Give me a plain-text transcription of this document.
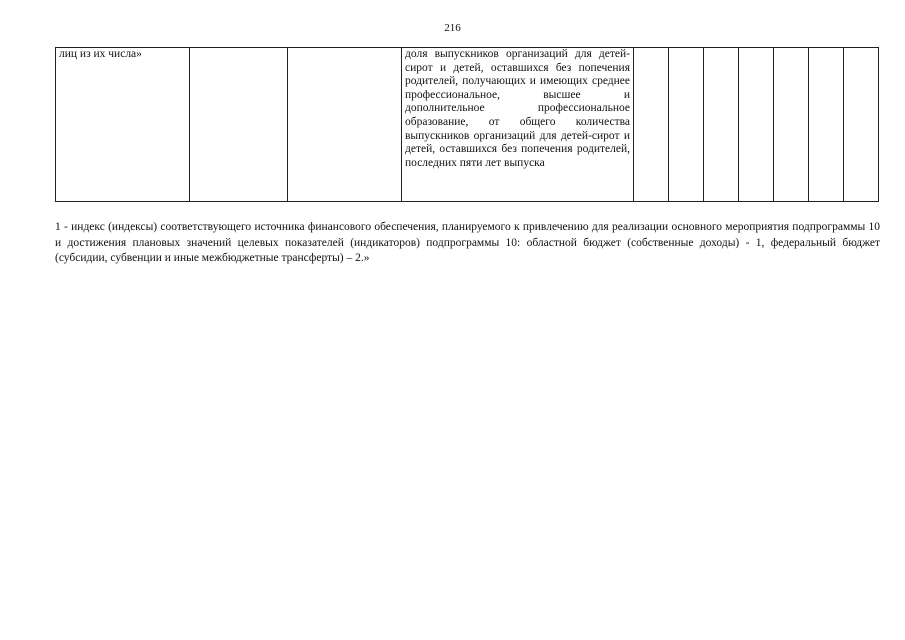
216
лиц из их числа»			доля выпускников организаций для детей-сирот и детей, оставшихся без попечения родителей, получающих и имеющих среднее профессиональное, высшее и дополнительное профессиональное образование, от общего количества выпускников организаций для детей-сирот и детей, оставшихся без попечения родителей, последних пяти лет выпуска							
1 - индекс (индексы) соответствующего источника финансового обеспечения, планируемого к привлечению для реализации основного мероприятия подпрограммы 10 и достижения плановых значений целевых показателей (индикаторов) подпрограммы 10: областной бюджет (собственные доходы) - 1, федеральный бюджет (субсидии, субвенции и иные межбюджетные трансферты) – 2.»
